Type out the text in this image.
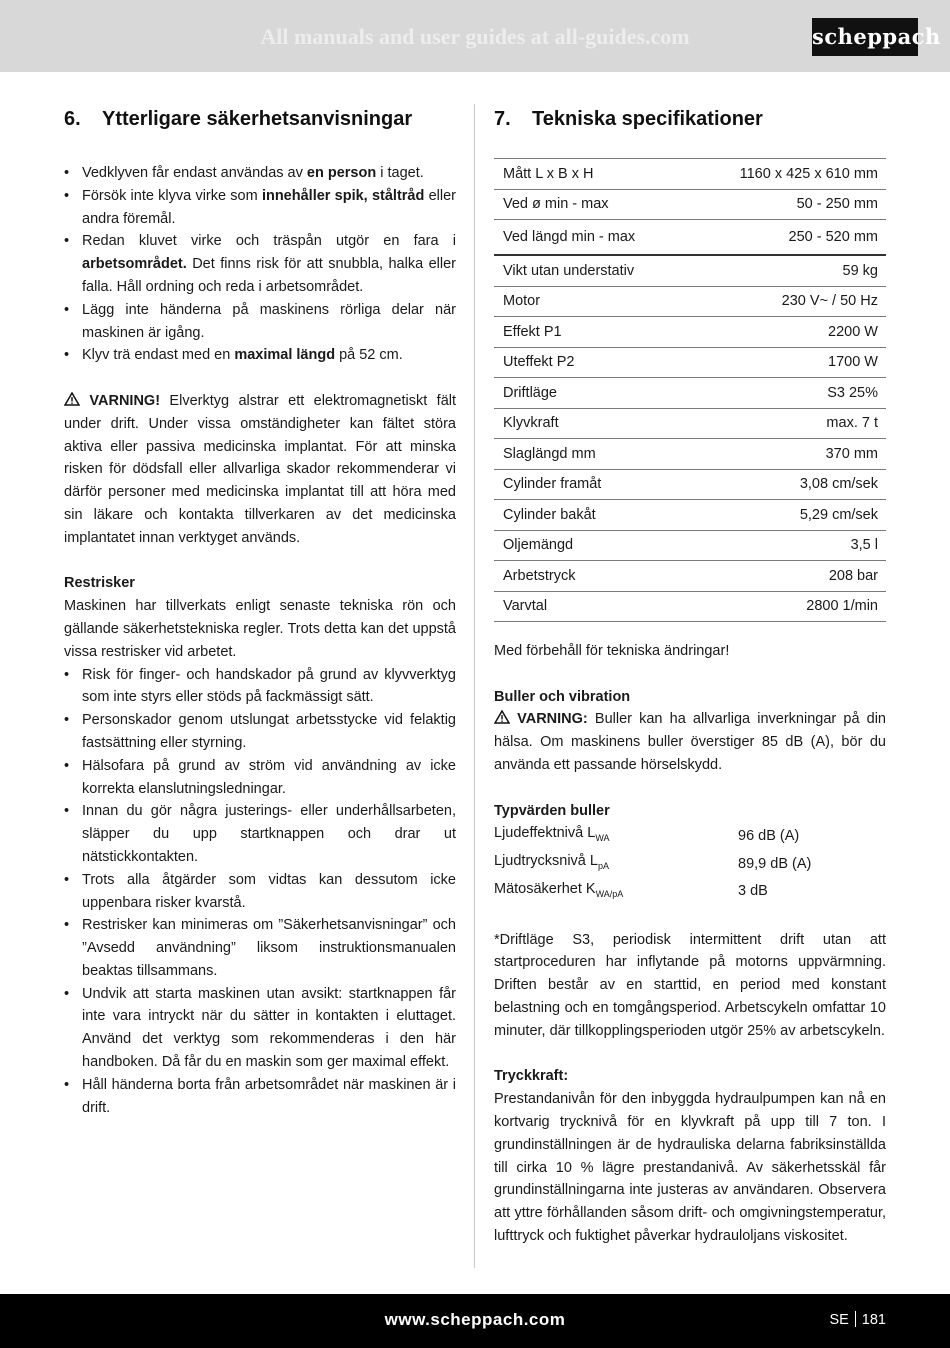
All manuals and user guides at all-guides.com	scheppach
6. Ytterligare säkerhetsanvisningar
• Vedklyven får endast användas av en person i taget.
• Försök inte klyva virke som innehåller spik, ståltråd eller andra föremål.
• Redan kluvet virke och träspån utgör en fara i arbetsområdet. Det finns risk för att snubbla, halka eller falla. Håll ordning och reda i arbetsområdet.
• Lägg inte händerna på maskinens rörliga delar när maskinen är igång.
• Klyv trä endast med en maximal längd på 52 cm.

VARNING! Elverktyg alstrar ett elektromagnetiskt fält under drift. Under vissa omständigheter kan fältet störa aktiva eller passiva medicinska implantat. För att minska risken för dödsfall eller allvarliga skador rekommenderar vi därför personer med medicinska implantat till att höra med sin läkare och kontakta tillverkaren av det medicinska implantatet innan verktyget används.

Restrisker

Maskinen har tillverkats enligt senaste tekniska rön och gällande säkerhetstekniska regler. Trots detta kan det uppstå vissa restrisker vid arbetet.

• Risk för finger- och handskador på grund av klyvverktyg som inte styrs eller stöds på fackmässigt sätt.
• Personskador genom utslungat arbetsstycke vid felaktig fastsättning eller styrning.
• Hälsofara på grund av ström vid användning av icke korrekta elanslutningsledningar.
• Innan du gör några justerings- eller underhållsarbeten, släpper du upp startknappen och drar ut nätstickkontakten.
• Trots alla åtgärder som vidtas kan dessutom icke uppenbara risker kvarstå.
• Restrisker kan minimeras om ”Säkerhetsanvisningar” och ”Avsedd användning” liksom instruktionsmanualen beaktas tillsammans.
• Undvik att starta maskinen utan avsikt: startknappen får inte vara intryckt när du sätter in kontakten i eluttaget. Använd det verktyg som rekommenderas i den här handboken. Då får du en maskin som ger maximal effekt.
• Håll händerna borta från arbetsområdet när maskinen är i drift.
7. Tekniska specifikationer
Mått L x B x H	1160 x 425 x 610 mm
Ved ø min - max	50 - 250 mm
Ved längd min - max	250 - 520 mm
Vikt utan understativ	59 kg
Motor	230 V~ / 50 Hz
Effekt P1	2200 W
Uteffekt P2	1700 W
Driftläge	S3 25%
Klyvkraft	max. 7 t
Slaglängd mm	370 mm
Cylinder framåt	3,08 cm/sek
Cylinder bakåt	5,29 cm/sek
Oljemängd	3,5 l
Arbetstryck	208 bar
Varvtal	2800 1/min

Med förbehåll för tekniska ändringar!

Buller och vibration

VARNING: Buller kan ha allvarliga inverkningar på din hälsa. Om maskinens buller överstiger 85 dB (A), bör du använda ett passande hörselskydd.

Typvärden buller
Ljudeffektnivå $L_{WA}$	96 dB (A)
Ljudtrycksnivå $L_{pA}$	89,9 dB (A)
Mätosäkerhet $K_{WA/pA}$	3 dB

*Driftläge S3, periodisk intermittent drift utan att startproceduren har inflytande på motorns uppvärmning. Driften består av en starttid, en period med konstant belastning och en tomgångsperiod. Arbetscykeln omfattar 10 minuter, där tillkopplingsperioden utgör 25% av arbetscykeln.

Tryckkraft:

Prestandanivån för den inbyggda hydraulpumpen kan nå en kortvarig trycknivå för en klyvkraft på upp till 7 ton. I grundinställningen är de hydrauliska delarna fabriksinställda till cirka 10 % lägre prestandanivå. Av säkerhetsskäl får grundinställningarna inte justeras av användaren. Observera att yttre förhållanden såsom drift- och omgivningstemperatur, lufttryck och fuktighet påverkar hydrauloljans viskositet.

www.scheppach.com	SE 181
